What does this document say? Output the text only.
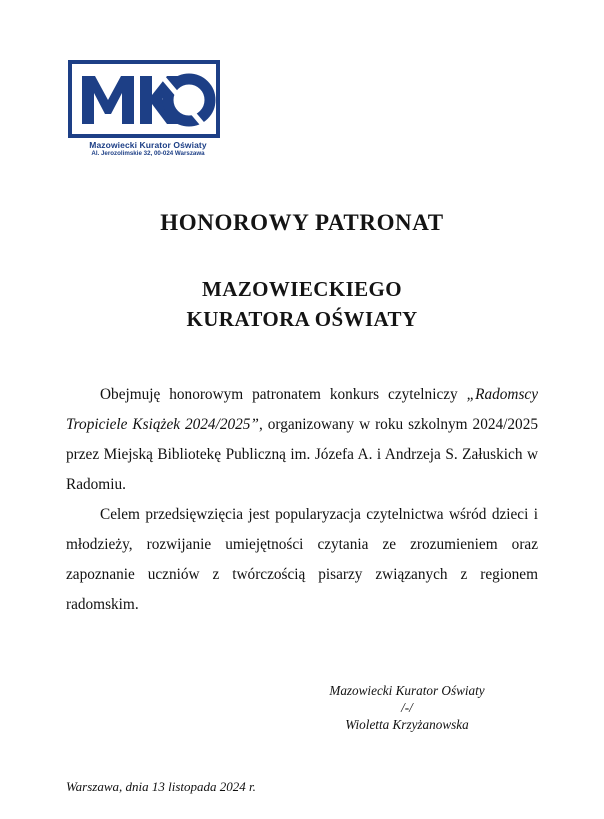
Mazowiecki Kurator Oświaty
Al. Jerozolimskie 32, 00-024 Warszawa
HONOROWY PATRONAT
MAZOWIECKIEGO
KURATORA OŚWIATY

Obejmuję honorowym patronatem konkurs czytelniczy „Radomscy Tropiciele Książek 2024/2025”, organizowany w roku szkolnym 2024/2025 przez Miejską Bibliotekę Publiczną im. Józefa A. i Andrzeja S. Załuskich w Radomiu.

Celem przedsięwzięcia jest popularyzacja czytelnictwa wśród dzieci i młodzieży, rozwijanie umiejętności czytania ze zrozumieniem oraz zapoznanie uczniów z twórczością pisarzy związanych z regionem radomskim.

Mazowiecki Kurator Oświaty
/-/
Wioletta Krzyżanowska
Warszawa, dnia 13 listopada 2024 r.
